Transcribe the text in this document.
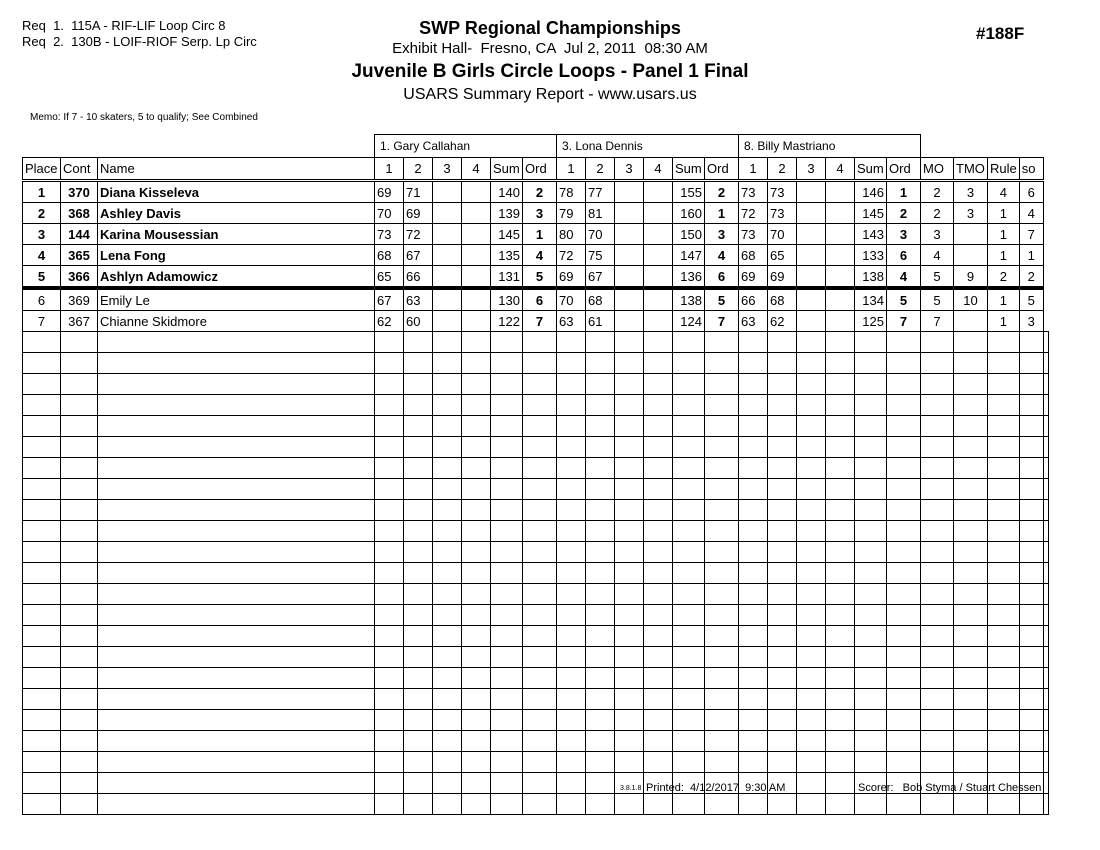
Req  1.  115A - RIF-LIF Loop Circ 8
Req  2.  130B - LOIF-RIOF Serp. Lp Circ	#188F
SWP Regional Championships
Exhibit Hall-  Fresno, CA  Jul 2, 2011  08:30 AM
Juvenile B Girls Circle Loops - Panel 1 Final
USARS Summary Report - www.usars.us
Memo: If 7 - 10 skaters, 5 to qualify; See Combined
			1. Gary Callahan						3. Lona Dennis						8. Billy Mastriano										
Place	Cont	Name	1	2	3	4	Sum	Ord	1	2	3	4	Sum	Ord	1	2	3	4	Sum	Ord	MO	TMO	Rule	so	
1	370	Diana Kisseleva	69	71			140	2	78	77			155	2	73	73			146	1	2	3	4	6	
2	368	Ashley Davis	70	69			139	3	79	81			160	1	72	73			145	2	2	3	1	4	
3	144	Karina Mousessian	73	72			145	1	80	70			150	3	73	70			143	3	3		1	7	
4	365	Lena Fong	68	67			135	4	72	75			147	4	68	65			133	6	4		1	1	
5	366	Ashlyn Adamowicz	65	66			131	5	69	67			136	6	69	69			138	4	5	9	2	2	
6	369	Emily Le	67	63			130	6	70	68			138	5	66	68			134	5	5	10	1	5	
7	367	Chianne Skidmore	62	60			122	7	63	61			124	7	63	62			125	7	7		1	3	

3.8.1.8 Printed:  4/12/2017  9:30 AM	Scorer:   Bob Styma / Stuart Chessen
